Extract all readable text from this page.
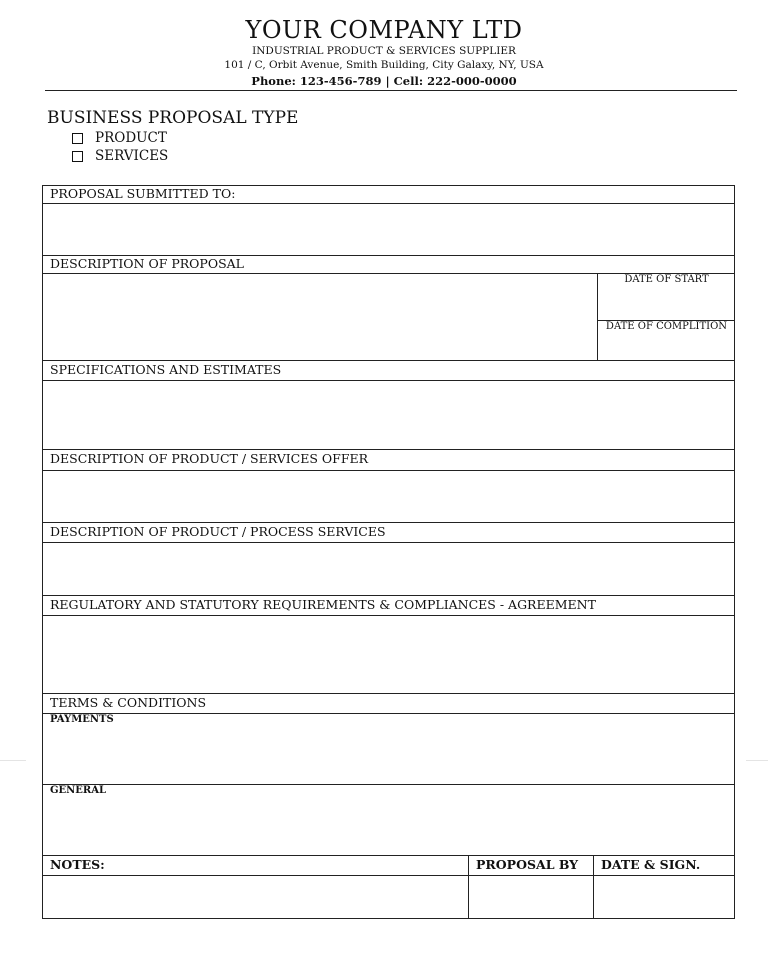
YOUR COMPANY LTD
INDUSTRIAL PRODUCT & SERVICES SUPPLIER
101 / C, Orbit Avenue, Smith Building, City Galaxy, NY, USA
Phone: 123-456-789 | Cell: 222-000-0000
BUSINESS PROPOSAL TYPE
PRODUCT
SERVICES
PROPOSAL SUBMITTED TO:
DESCRIPTION OF PROPOSAL
DATE OF START
DATE OF COMPLITION
SPECIFICATIONS AND ESTIMATES
DESCRIPTION OF PRODUCT / SERVICES OFFER
DESCRIPTION OF PRODUCT / PROCESS SERVICES
REGULATORY AND STATUTORY REQUIREMENTS & COMPLIANCES - AGREEMENT
TERMS & CONDITIONS
PAYMENTS
GENERAL
NOTES:	PROPOSAL BY DATE & SIGN.
